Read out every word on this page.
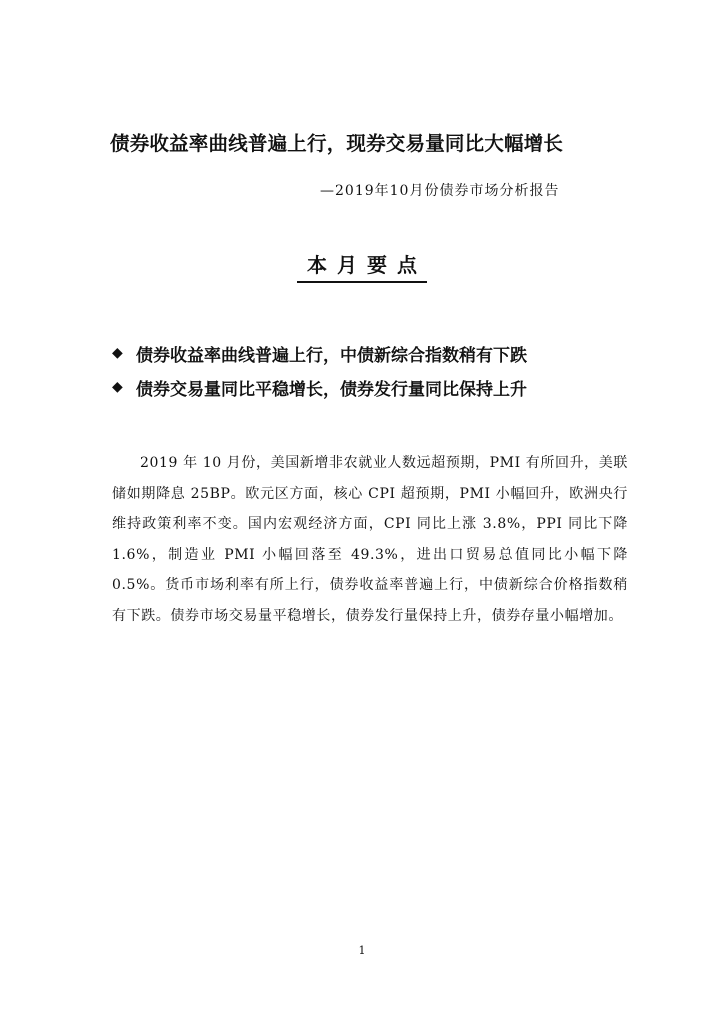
债券收益率曲线普遍上行，现券交易量同比大幅增长
—2019年10月份债券市场分析报告
本月要点
◆ 债券收益率曲线普遍上行，中债新综合指数稍有下跌
◆ 债券交易量同比平稳增长，债券发行量同比保持上升

2019 年 10 月份，美国新增非农就业人数远超预期，PMI 有所回升，美联储如期降息 25BP。欧元区方面，核心 CPI 超预期，PMI 小幅回升，欧洲央行维持政策利率不变。国内宏观经济方面，CPI 同比上涨 3.8%，PPI 同比下降 1.6%，制造业 PMI 小幅回落至 49.3%，进出口贸易总值同比小幅下降 0.5%。货币市场利率有所上行，债券收益率普遍上行，中债新综合价格指数稍有下跌。债券市场交易量平稳增长，债券发行量保持上升，债券存量小幅增加。

1
